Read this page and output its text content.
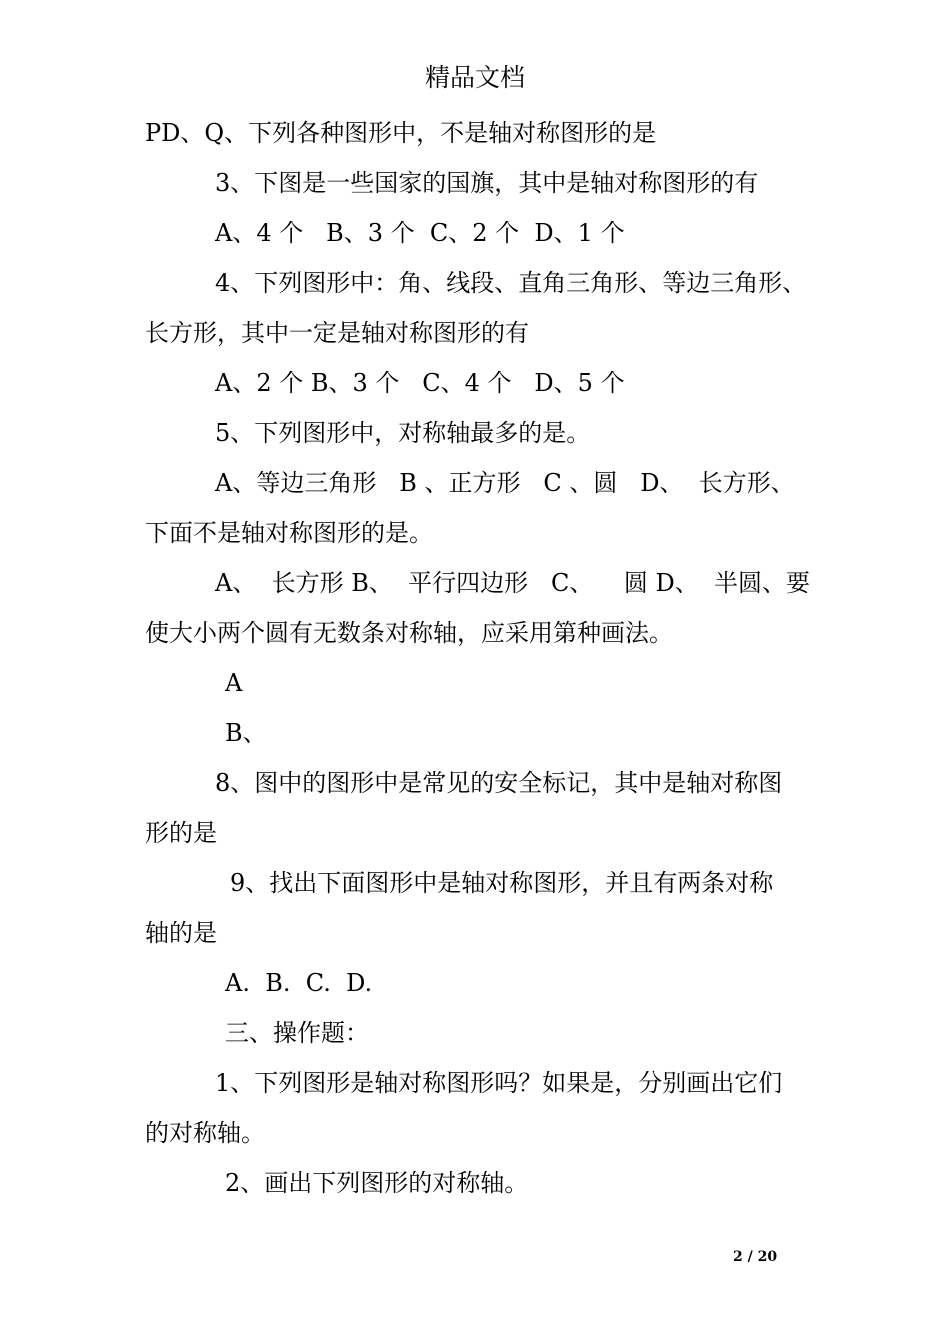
精品文档
PD、Q、下列各种图形中，不是轴对称图形的是
3、下图是一些国家的国旗，其中是轴对称图形的有
A、4 个   B、3 个  C、2 个  D、1 个
4、下列图形中：角、线段、直角三角形、等边三角形、
长方形，其中一定是轴对称图形的有
A、2 个 B、3 个   C、4 个   D、5 个
5、下列图形中，对称轴最多的是。
A、等边三角形   B 、正方形   C 、圆   D、  长方形、
下面不是轴对称图形的是。
A、  长方形 B、  平行四边形   C、    圆 D、  半圆、要
使大小两个圆有无数条对称轴，应采用第种画法。
A
B、
8、图中的图形中是常见的安全标记，其中是轴对称图
形的是
9、找出下面图形中是轴对称图形，并且有两条对称
轴的是
A.  B.  C.  D.
三、操作题：
1、下列图形是轴对称图形吗？如果是，分别画出它们
的对称轴。
2、画出下列图形的对称轴。
2 / 20
